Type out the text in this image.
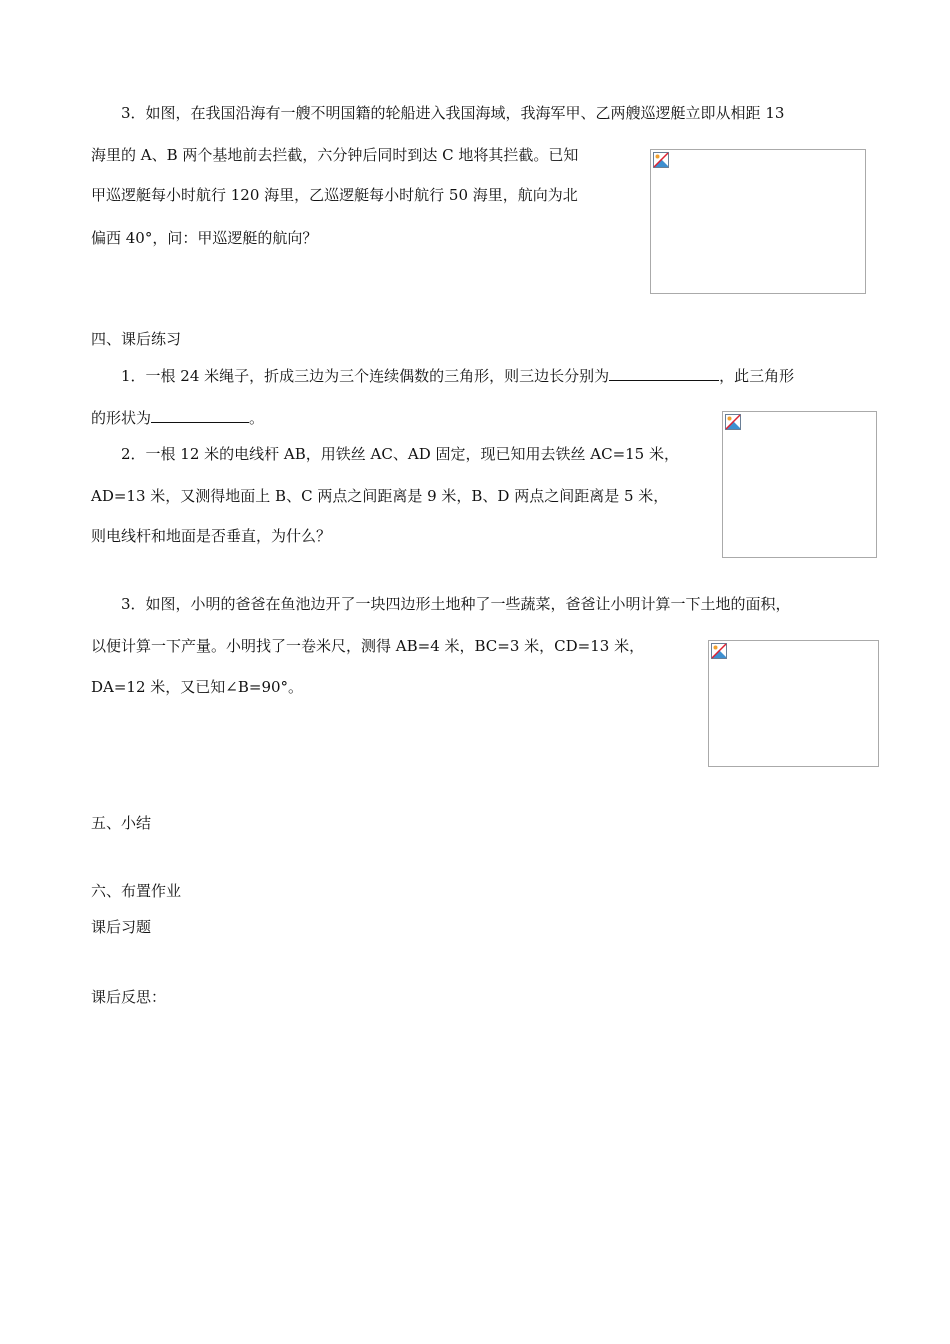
3．如图，在我国沿海有一艘不明国籍的轮船进入我国海域，我海军甲、乙两艘巡逻艇立即从相距 13
海里的 A、B 两个基地前去拦截，六分钟后同时到达 C 地将其拦截。已知
甲巡逻艇每小时航行 120 海里，乙巡逻艇每小时航行 50 海里，航向为北
偏西 40°，问：甲巡逻艇的航向？
四、课后练习
1．一根 24 米绳子，折成三边为三个连续偶数的三角形，则三边长分别为	，此三角形
的形状为	。
2．一根 12 米的电线杆 AB，用铁丝 AC、AD 固定，现已知用去铁丝 AC=15 米，
AD=13 米，又测得地面上 B、C 两点之间距离是 9 米，B、D 两点之间距离是 5 米，
则电线杆和地面是否垂直，为什么？
3．如图，小明的爸爸在鱼池边开了一块四边形土地种了一些蔬菜，爸爸让小明计算一下土地的面积，
以便计算一下产量。小明找了一卷米尺，测得 AB=4 米，BC=3 米，CD=13 米，
DA=12 米，又已知∠B=90°。
五、小结
六、布置作业
课后习题
课后反思：
